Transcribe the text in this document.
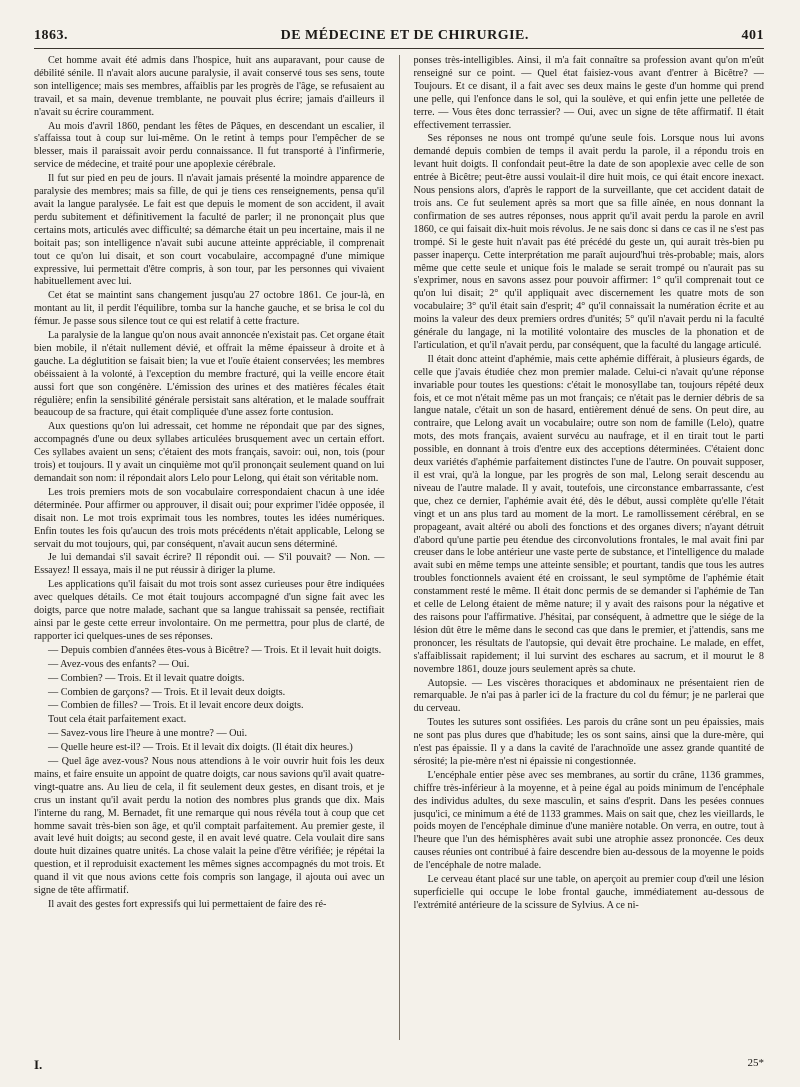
1863.	DE MÉDECINE ET DE CHIRURGIE.	401

Cet homme avait été admis dans l'hospice, huit ans auparavant, pour cause de débilité sénile. Il n'avait alors aucune paralysie, il avait conservé tous ses sens, toute son intelligence; mais ses membres, affaiblis par les progrès de l'âge, se refusaient au travail, et sa main, devenue tremblante, ne pouvait plus écrire; jamais d'ailleurs il n'avait su écrire couramment.

Au mois d'avril 1860, pendant les fêtes de Pâques, en descendant un escalier, il s'affaissa tout à coup sur lui-même. On le retint à temps pour l'empêcher de se blesser, mais il paraissait avoir perdu connaissance. Il fut transporté à l'infirmerie, service de médecine, et traité pour une apoplexie cérébrale.

Il fut sur pied en peu de jours. Il n'avait jamais présenté la moindre apparence de paralysie des membres; mais sa fille, de qui je tiens ces renseignements, pensa qu'il avait la langue paralysée. Le fait est que depuis le moment de son accident, il avait perdu subitement et définitivement la faculté de parler; il ne prononçait plus que certains mots, articulés avec difficulté; sa démarche était un peu incertaine, mais il ne boitait pas; son intelligence n'avait subi aucune atteinte appréciable, il comprenait tout ce qu'on lui disait, et son court vocabulaire, accompagné d'une mimique expressive, lui permettait d'être compris, à son tour, par les personnes qui vivaient habituellement avec lui.

Cet état se maintint sans changement jusqu'au 27 octobre 1861. Ce jour-là, en montant au lit, il perdit l'équilibre, tomba sur la hanche gauche, et se brisa le col du fémur. Je passe sous silence tout ce qui est relatif à cette fracture.

La paralysie de la langue qu'on nous avait annoncée n'existait pas. Cet organe était bien mobile, il n'était nullement dévié, et offrait la même épaisseur à droite et à gauche. La déglutition se faisait bien; la vue et l'ouïe étaient conservées; les membres obéissaient à la volonté, à l'exception du membre fracturé, qui la veille encore était aussi fort que son congénère. L'émission des urines et des matières fécales était régulière; enfin la sensibilité générale persistait sans altération, et le malade souffrait beaucoup de sa fracture, qui était compliquée d'une assez forte contusion.

Aux questions qu'on lui adressait, cet homme ne répondait que par des signes, accompagnés d'une ou deux syllabes articulées brusquement avec un certain effort. Ces syllabes avaient un sens; c'étaient des mots français, savoir: oui, non, tois (pour trois) et toujours. Il y avait un cinquième mot qu'il prononçait seulement quand on lui demandait son nom: il répondait alors Lelo pour Lelong, qui était son véritable nom.

Les trois premiers mots de son vocabulaire correspondaient chacun à une idée déterminée. Pour affirmer ou approuver, il disait oui; pour exprimer l'idée opposée, il disait non. Le mot trois exprimait tous les nombres, toutes les idées numériques. Enfin toutes les fois qu'aucun des trois mots précédents n'était applicable, Lelong se servait du mot toujours, qui, par conséquent, n'avait aucun sens déterminé.

Je lui demandai s'il savait écrire? Il répondit oui. — S'il pouvait? — Non. — Essayez! Il essaya, mais il ne put réussir à diriger la plume.

Les applications qu'il faisait du mot trois sont assez curieuses pour être indiquées avec quelques détails. Ce mot était toujours accompagné d'un signe fait avec les doigts, parce que notre malade, sachant que sa langue trahissait sa pensée, rectifiait ainsi par le geste cette erreur involontaire. On me permettra, pour plus de clarté, de rapporter ici quelques-unes de ses réponses.

— Depuis combien d'années êtes-vous à Bicêtre? — Trois. Et il levait huit doigts.

— Avez-vous des enfants? — Oui.

— Combien? — Trois. Et il levait quatre doigts.

— Combien de garçons? — Trois. Et il levait deux doigts.

— Combien de filles? — Trois. Et il levait encore deux doigts.

Tout cela était parfaitement exact.

— Savez-vous lire l'heure à une montre? — Oui.

— Quelle heure est-il? — Trois. Et il levait dix doigts. (Il était dix heures.)

— Quel âge avez-vous? Nous nous attendions à le voir ouvrir huit fois les deux mains, et faire ensuite un appoint de quatre doigts, car nous savions qu'il avait quatre-vingt-quatre ans. Au lieu de cela, il fit seulement deux gestes, en disant trois, et je crus un instant qu'il avait perdu la notion des nombres plus grands que dix. Mais l'interne du rang, M. Bernadet, fit une remarque qui nous révéla tout à coup que cet homme savait très-bien son âge, et qu'il comptait parfaitement. Au premier geste, il avait levé huit doigts; au second geste, il en avait levé quatre. Cela voulait dire sans doute huit dizaines quatre unités. La chose valait la peine d'être vérifiée; je répétai la question, et il reproduisit exactement les mêmes signes accompagnés du mot trois. Et quand il vit que nous avions cette fois compris son langage, il ajouta oui avec un signe de tête affirmatif.

Il avait des gestes fort expressifs qui lui permettaient de faire des ré-

ponses très-intelligibles. Ainsi, il m'a fait connaître sa profession avant qu'on m'eût renseigné sur ce point. — Quel état faisiez-vous avant d'entrer à Bicêtre? — Toujours. Et ce disant, il a fait avec ses deux mains le geste d'un homme qui prend une pelle, qui l'enfonce dans le sol, qui la soulève, et qui enfin jette une pelletée de terre. — Vous êtes donc terrassier? — Oui, avec un signe de tête affirmatif. Il était effectivement terrassier.

Ses réponses ne nous ont trompé qu'une seule fois. Lorsque nous lui avons demandé depuis combien de temps il avait perdu la parole, il a répondu trois en levant huit doigts. Il confondait peut-être la date de son apoplexie avec celle de son entrée à Bicêtre; peut-être aussi voulait-il dire huit mois, ce qui était encore inexact. Nous pensions alors, d'après le rapport de la surveillante, que cet accident datait de trois ans. Ce fut seulement après sa mort que sa fille aînée, en nous donnant la confirmation de ses autres réponses, nous apprit qu'il avait perdu la parole en avril 1860, ce qui faisait dix-huit mois révolus. Je ne sais donc si dans ce cas il ne s'est pas trompé. Si le geste huit n'avait pas été précédé du geste un, qui aurait très-bien pu passer inaperçu. Cette interprétation me paraît aujourd'hui très-probable; mais, alors même que cette seule et unique fois le malade se serait trompé ou n'aurait pas su s'exprimer, nous en savons assez pour pouvoir affirmer: 1° qu'il comprenait tout ce qu'on lui disait; 2° qu'il appliquait avec discernement les quatre mots de son vocabulaire; 3° qu'il était sain d'esprit; 4° qu'il connaissait la numération écrite et au moins la valeur des deux premiers ordres d'unités; 5° qu'il n'avait perdu ni la faculté générale du langage, ni la motilité volontaire des muscles de la phonation et de l'articulation, et qu'il n'avait perdu, par conséquent, que la faculté du langage articulé.

Il était donc atteint d'aphémie, mais cette aphémie différait, à plusieurs égards, de celle que j'avais étudiée chez mon premier malade. Celui-ci n'avait qu'une réponse invariable pour toutes les questions: c'était le monosyllabe tan, toujours répété deux fois, et ce mot n'était même pas un mot français; ce n'était pas le dernier débris de sa langue natale, c'était un son de hasard, entièrement dénué de sens. On peut dire, au contraire, que Lelong avait un vocabulaire; outre son nom de famille (Lelo), quatre mots, des mots français, avaient survécu au naufrage, et il en tirait tout le parti possible, en donnant à trois d'entre eux des acceptions déterminées. C'étaient donc deux variétés d'aphémie parfaitement distinctes l'une de l'autre. On pouvait supposer, il est vrai, qu'à la longue, par les progrès de son mal, Lelong serait descendu au niveau de l'autre malade. Il y avait, toutefois, une circonstance embarrassante, c'est que, chez ce dernier, l'aphémie avait été, dès le début, aussi complète qu'elle l'était vingt et un ans plus tard au moment de la mort. Le ramollissement cérébral, en se propageant, avait altéré ou aboli des fonctions et des organes divers; n'ayant détruit d'abord qu'une partie peu étendue des circonvolutions frontales, le mal avait fini par creuser dans le lobe antérieur une vaste perte de substance, et l'intelligence du malade avait subi en même temps une atteinte sensible; et pourtant, tandis que tous les autres troubles fonctionnels avaient été en croissant, le seul symptôme de l'aphémie était constamment resté le même. Il était donc permis de se demander si l'aphémie de Tan et celle de Lelong étaient de même nature; il y avait des raisons pour la négative et des raisons pour l'affirmative. J'hésitai, par conséquent, à admettre que le siége de la lésion dût être le même dans le second cas que dans le premier, et j'attendis, sans me prononcer, les résultats de l'autopsie, qui devait être prochaine. Le malade, en effet, s'affaiblissait rapidement; il lui survint des eschares au sacrum, et il mourut le 8 novembre 1861, douze jours seulement après sa chute.

Autopsie. — Les viscères thoraciques et abdominaux ne présentaient rien de remarquable. Je n'ai pas à parler ici de la fracture du col du fémur; je ne parlerai que du cerveau.

Toutes les sutures sont ossifiées. Les parois du crâne sont un peu épaissies, mais ne sont pas plus dures que d'habitude; les os sont sains, ainsi que la dure-mère, qui n'est pas épaissie. Il y a dans la cavité de l'arachnoïde une assez grande quantité de sérosité; la pie-mère n'est ni épaissie ni congestionnée.

L'encéphale entier pèse avec ses membranes, au sortir du crâne, 1136 grammes, chiffre très-inférieur à la moyenne, et à peine égal au poids minimum de l'encéphale des individus adultes, du sexe masculin, et sains d'esprit. Dans les pesées connues jusqu'ici, ce minimum a été de 1133 grammes. Mais on sait que, chez les vieillards, le poids moyen de l'encéphale diminue d'une manière notable. On verra, en outre, tout à l'heure que l'un des hémisphères avait subi une atrophie assez prononcée. Ces deux causes réunies ont contribué à faire descendre bien au-dessous de la moyenne le poids de l'encéphale de notre malade.

Le cerveau étant placé sur une table, on aperçoit au premier coup d'œil une lésion superficielle qui occupe le lobe frontal gauche, immédiatement au-dessous de l'extrémité antérieure de la scissure de Sylvius. A ce ni-

I.	25*
